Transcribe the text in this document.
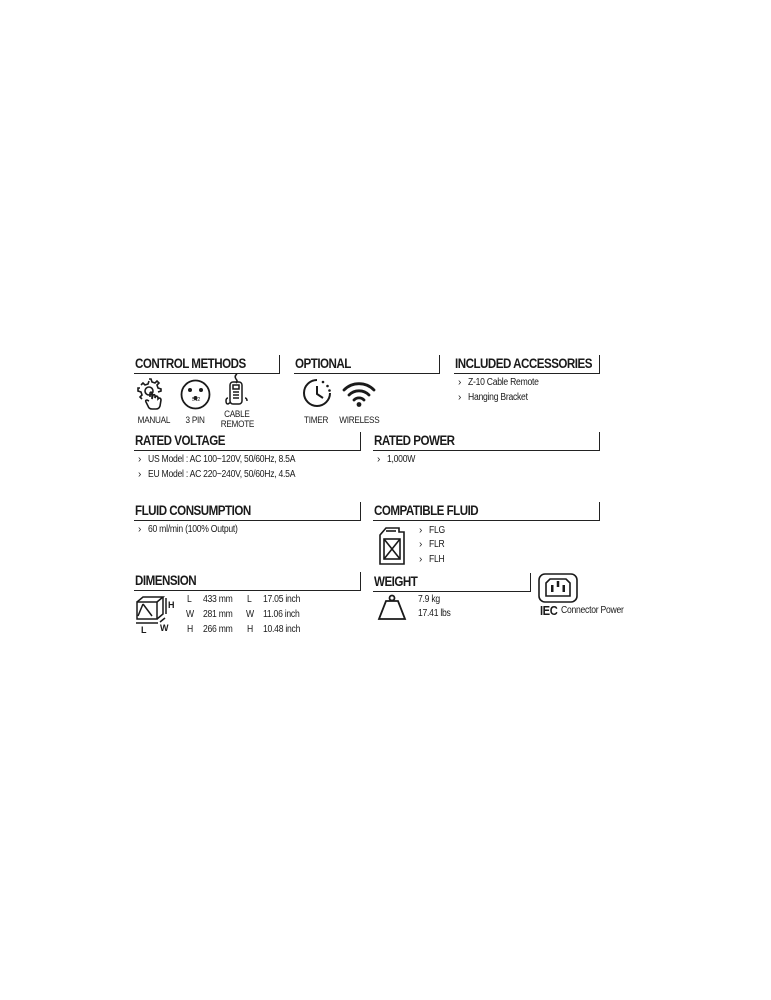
CONTROL METHODS
MANUAL
5'12
3 PIN
CABLE
REMOTE
OPTIONAL
TIMER	WIRELESS
INCLUDED ACCESSORIES
› Z-10 Cable Remote
› Hanging Bracket
RATED VOLTAGE
› US Model : AC 100~120V, 50/60Hz, 8.5A
› EU Model : AC 220~240V, 50/60Hz, 4.5A
RATED POWER
› 1,000W
FLUID CONSUMPTION
› 60 ml/min (100% Output)
COMPATIBLE FLUID
› FLG
› FLR
› FLH
DIMENSION
H
L W
L 433 mm	L 17.05 inch
W 281 mm	W 11.06 inch
H 266 mm	H 10.48 inch
WEIGHT
7.9 kg
17.41 lbs	IEC Connector Power
